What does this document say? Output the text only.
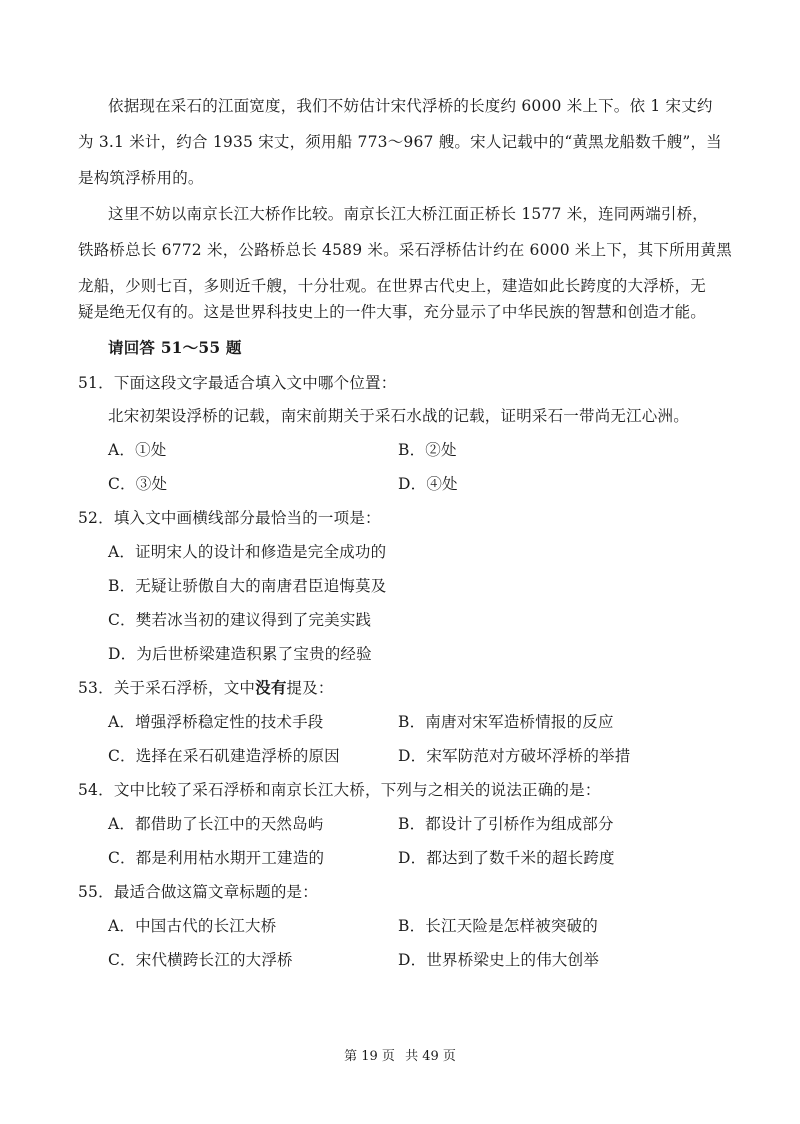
依据现在采石的江面宽度，我们不妨估计宋代浮桥的长度约 6000 米上下。依 1 宋丈约
为 3.1 米计，约合 1935 宋丈，须用船 773～967 艘。宋人记载中的“黄黑龙船数千艘”，当
是构筑浮桥用的。
这里不妨以南京长江大桥作比较。南京长江大桥江面正桥长 1577 米，连同两端引桥，
铁路桥总长 6772 米，公路桥总长 4589 米。采石浮桥估计约在 6000 米上下，其下所用黄黑
龙船，少则七百，多则近千艘，十分壮观。在世界古代史上，建造如此长跨度的大浮桥，无
疑是绝无仅有的。这是世界科技史上的一件大事，充分显示了中华民族的智慧和创造才能。
请回答 51～55 题
51．下面这段文字最适合填入文中哪个位置：
北宋初架设浮桥的记载，南宋前期关于采石水战的记载，证明采石一带尚无江心洲。
A．①处	B．②处
C．③处	D．④处
52．填入文中画横线部分最恰当的一项是：
A．证明宋人的设计和修造是完全成功的
B．无疑让骄傲自大的南唐君臣追悔莫及
C．樊若冰当初的建议得到了完美实践
D．为后世桥梁建造积累了宝贵的经验
53．关于采石浮桥，文中没有提及：
A．增强浮桥稳定性的技术手段	B．南唐对宋军造桥情报的反应
C．选择在采石矶建造浮桥的原因	D．宋军防范对方破坏浮桥的举措
54．文中比较了采石浮桥和南京长江大桥，下列与之相关的说法正确的是：
A．都借助了长江中的天然岛屿	B．都设计了引桥作为组成部分
C．都是利用枯水期开工建造的	D．都达到了数千米的超长跨度
55．最适合做这篇文章标题的是：
A．中国古代的长江大桥	B．长江天险是怎样被突破的
C．宋代横跨长江的大浮桥	D．世界桥梁史上的伟大创举
第 19 页 共 49 页
